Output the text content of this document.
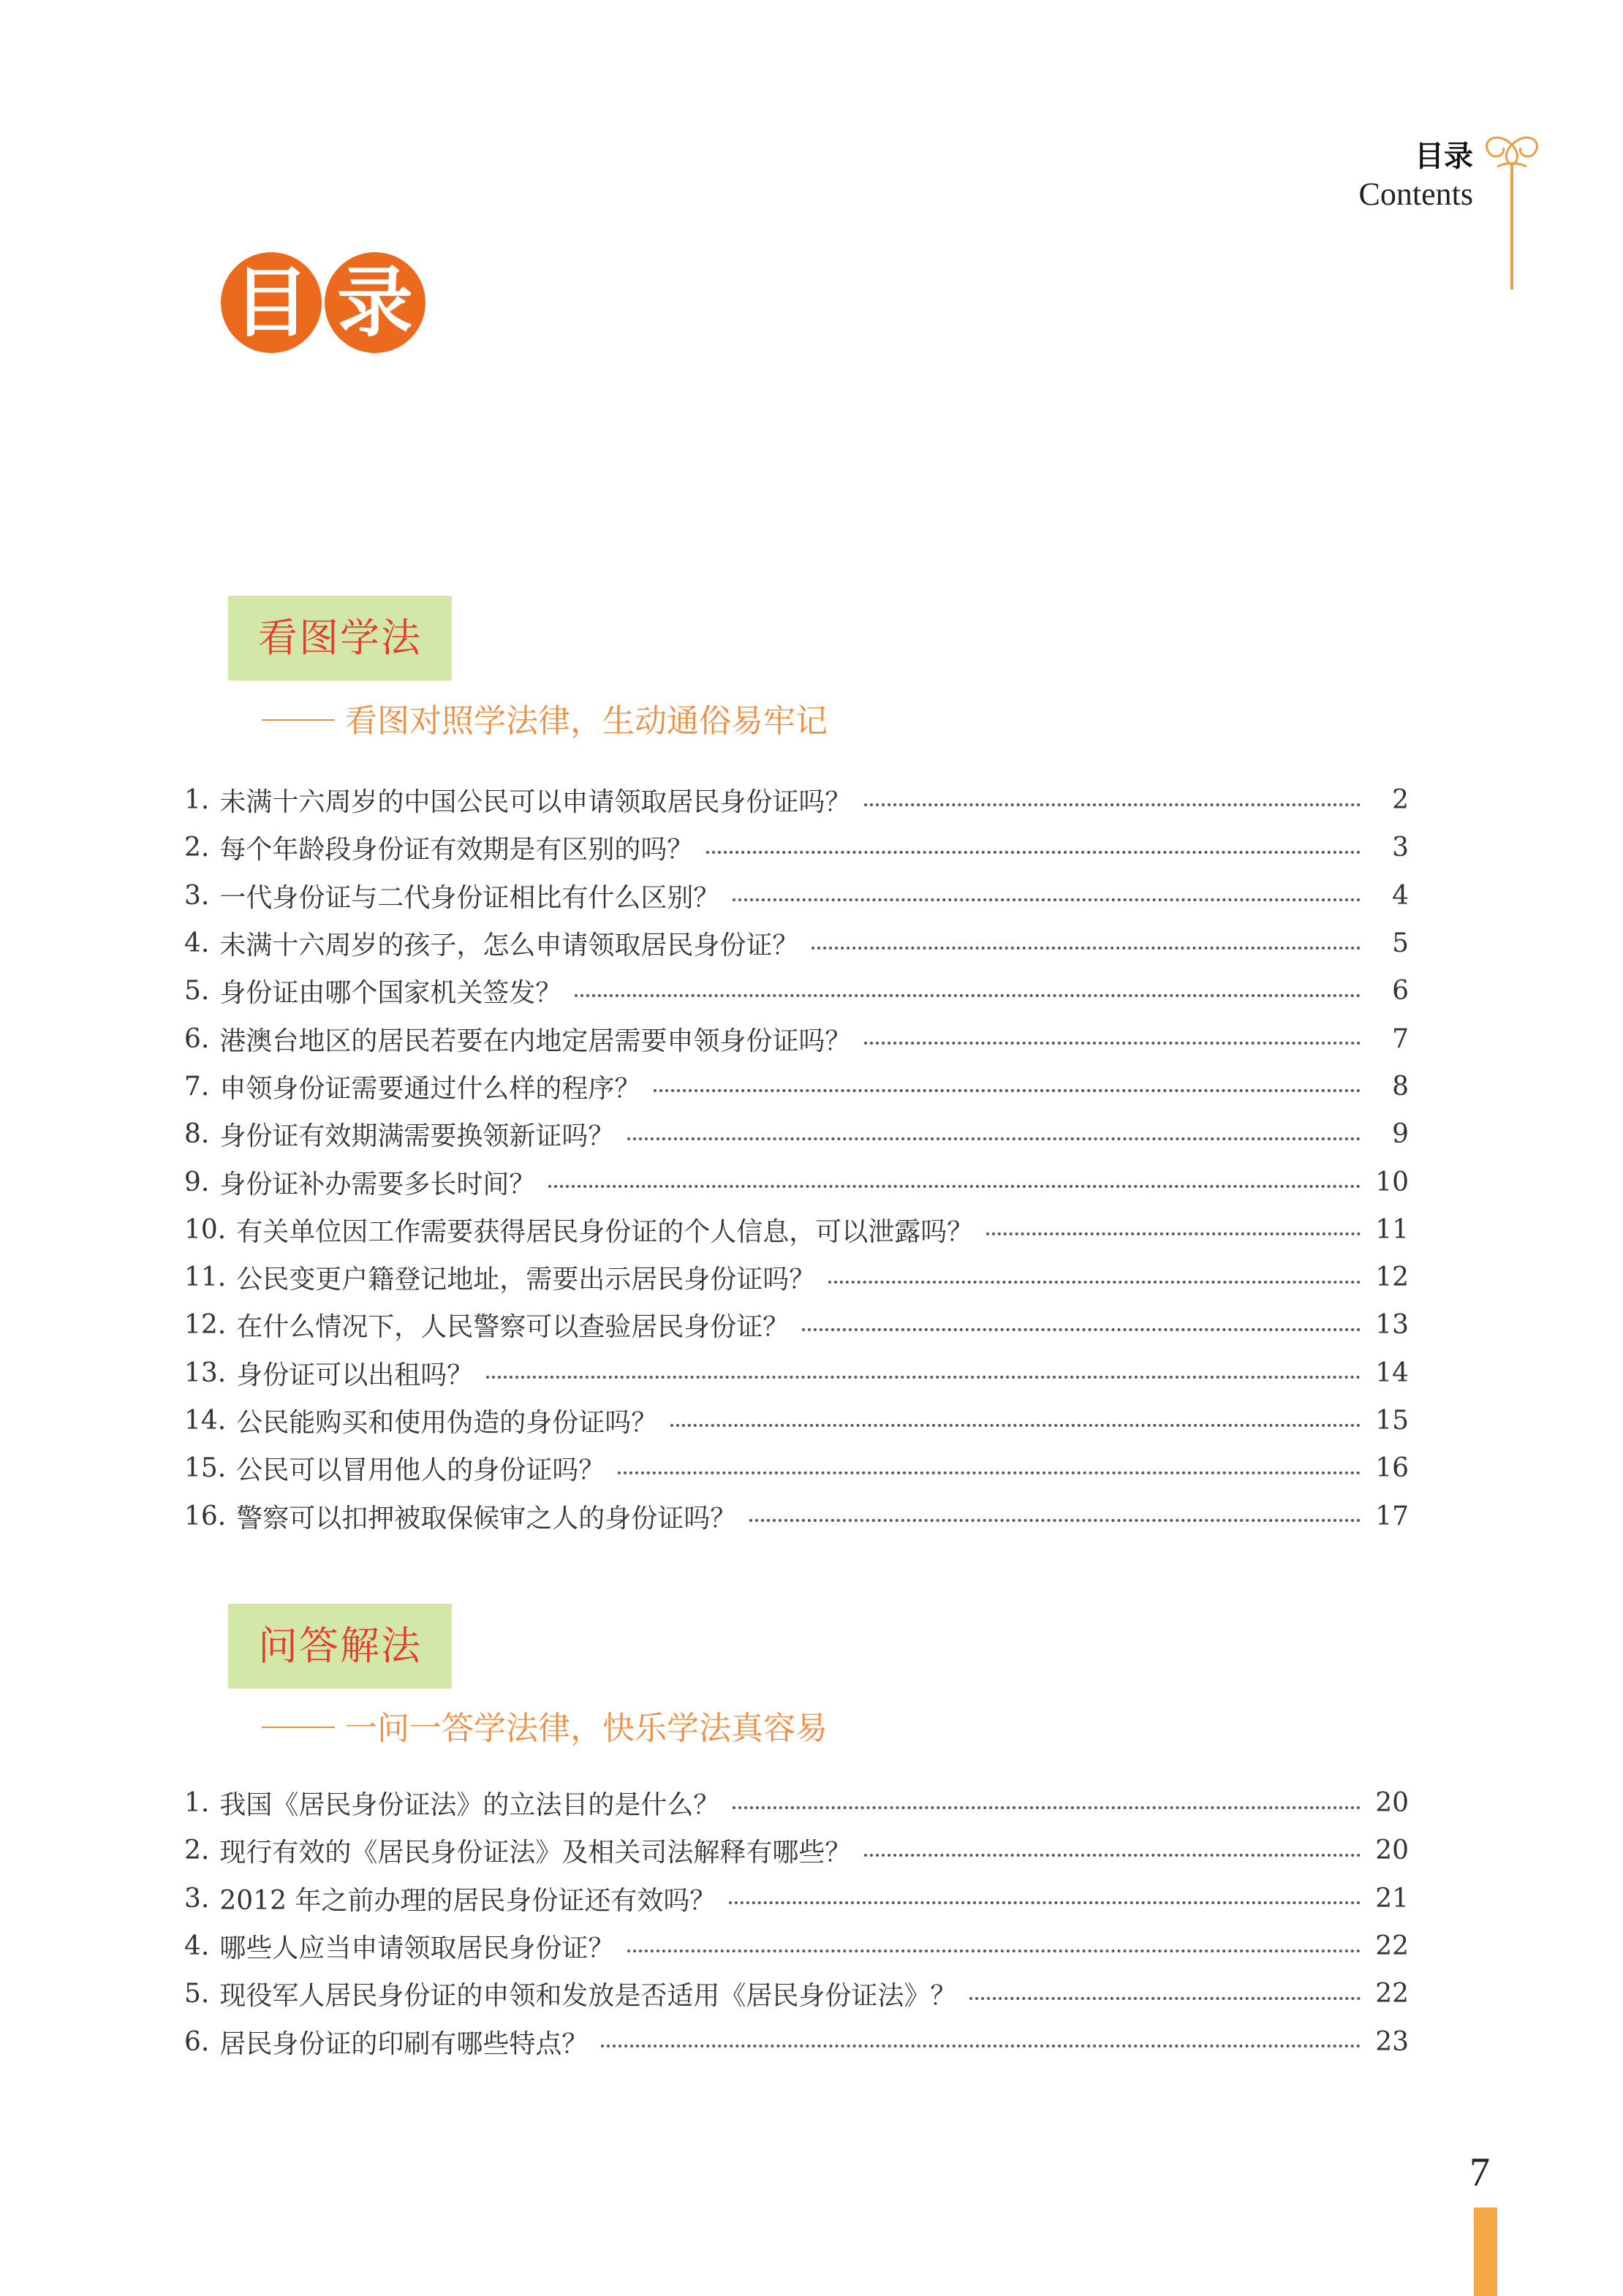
目录
Contents
目 录
看图学法
看图对照学法律，生动通俗易牢记
1. 未满十六周岁的中国公民可以申请领取居民身份证吗？	2
2. 每个年龄段身份证有效期是有区别的吗？	3
3. 一代身份证与二代身份证相比有什么区别？	4
4. 未满十六周岁的孩子，怎么申请领取居民身份证？	5
5. 身份证由哪个国家机关签发？	6
6. 港澳台地区的居民若要在内地定居需要申领身份证吗？	7
7. 申领身份证需要通过什么样的程序？	8
8. 身份证有效期满需要换领新证吗？	9
9. 身份证补办需要多长时间？	10
10. 有关单位因工作需要获得居民身份证的个人信息，可以泄露吗？	11
11. 公民变更户籍登记地址，需要出示居民身份证吗？	12
12. 在什么情况下，人民警察可以查验居民身份证？	13
13. 身份证可以出租吗？	14
14. 公民能购买和使用伪造的身份证吗？	15
15. 公民可以冒用他人的身份证吗？	16
16. 警察可以扣押被取保候审之人的身份证吗？	17
问答解法
一问一答学法律，快乐学法真容易
1. 我国《居民身份证法》的立法目的是什么？	20
2. 现行有效的《居民身份证法》及相关司法解释有哪些？	20
3. 2012 年之前办理的居民身份证还有效吗？	21
4. 哪些人应当申请领取居民身份证？	22
5. 现役军人居民身份证的申领和发放是否适用《居民身份证法》？	22
6. 居民身份证的印刷有哪些特点？	23
7
